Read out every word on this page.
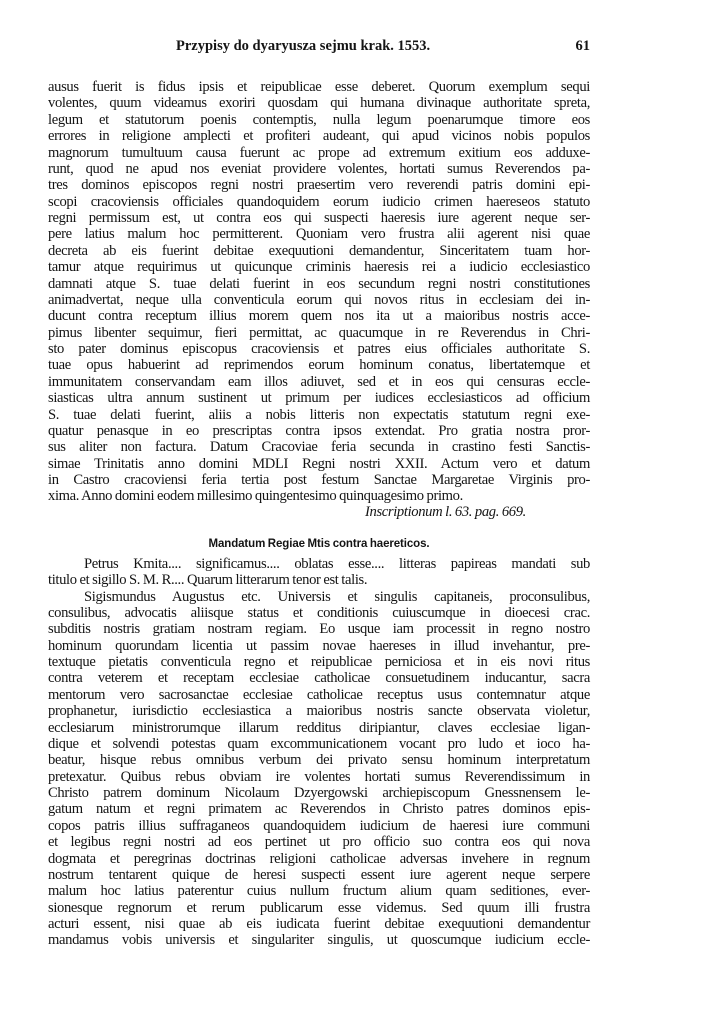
Przypisy do dyaryusza sejmu krak. 1553.	61
ausus fuerit is fidus ipsis et reipublicae esse deberet. Quorum exemplum sequi
volentes, quum videamus exoriri quosdam qui humana divinaque authoritate spreta,
legum et statutorum poenis contemptis, nulla legum poenarumque timore eos
errores in religione amplecti et profiteri audeant, qui apud vicinos nobis populos
magnorum tumultuum causa fuerunt ac prope ad extremum exitium eos adduxe-
runt, quod ne apud nos eveniat providere volentes, hortati sumus Reverendos pa-
tres dominos episcopos regni nostri praesertim vero reverendi patris domini epi-
scopi cracoviensis officiales quandoquidem eorum iudicio crimen haereseos statuto
regni permissum est, ut contra eos qui suspecti haeresis iure agerent neque ser-
pere latius malum hoc permitterent. Quoniam vero frustra alii agerent nisi quae
decreta ab eis fuerint debitae exequutioni demandentur, Sinceritatem tuam hor-
tamur atque requirimus ut quicunque criminis haeresis rei a iudicio ecclesiastico
damnati atque S. tuae delati fuerint in eos secundum regni nostri constitutiones
animadvertat, neque ulla conventicula eorum qui novos ritus in ecclesiam dei in-
ducunt contra receptum illius morem quem nos ita ut a maioribus nostris acce-
pimus libenter sequimur, fieri permittat, ac quacumque in re Reverendus in Chri-
sto pater dominus episcopus cracoviensis et patres eius officiales authoritate S.
tuae opus habuerint ad reprimendos eorum hominum conatus, libertatemque et
immunitatem conservandam eam illos adiuvet, sed et in eos qui censuras eccle-
siasticas ultra annum sustinent ut primum per iudices ecclesiasticos ad officium
S. tuae delati fuerint, aliis a nobis litteris non expectatis statutum regni exe-
quatur penasque in eo prescriptas contra ipsos extendat. Pro gratia nostra pror-
sus aliter non factura. Datum Cracoviae feria secunda in crastino festi Sanctis-
simae Trinitatis anno domini MDLI Regni nostri XXII. Actum vero et datum
in Castro cracoviensi feria tertia post festum Sanctae Margaretae Virginis pro-
xima. Anno domini eodem millesimo quingentesimo quinquagesimo primo.
Inscriptionum l. 63. pag. 669.
Mandatum Regiae Mtis contra haereticos.
Petrus Kmita.... significamus.... oblatas esse.... litteras papireas mandati sub
titulo et sigillo S. M. R.... Quarum litterarum tenor est talis.
Sigismundus Augustus etc. Universis et singulis capitaneis, proconsulibus,
consulibus, advocatis aliisque status et conditionis cuiuscumque in dioecesi crac.
subditis nostris gratiam nostram regiam. Eo usque iam processit in regno nostro
hominum quorundam licentia ut passim novae haereses in illud invehantur, pre-
textuque pietatis conventicula regno et reipublicae perniciosa et in eis novi ritus
contra veterem et receptam ecclesiae catholicae consuetudinem inducantur, sacra
mentorum vero sacrosanctae ecclesiae catholicae receptus usus contemnatur atque
prophanetur, iurisdictio ecclesiastica a maioribus nostris sancte observata violetur,
ecclesiarum ministrorumque illarum redditus diripiantur, claves ecclesiae ligan-
dique et solvendi potestas quam excommunicationem vocant pro ludo et ioco ha-
beatur, hisque rebus omnibus verbum dei privato sensu hominum interpretatum
pretexatur. Quibus rebus obviam ire volentes hortati sumus Reverendissimum in
Christo patrem dominum Nicolaum Dzyergowski archiepiscopum Gnessnensem le-
gatum natum et regni primatem ac Reverendos in Christo patres dominos epis-
copos patris illius suffraganeos quandoquidem iudicium de haeresi iure communi
et legibus regni nostri ad eos pertinet ut pro officio suo contra eos qui nova
dogmata et peregrinas doctrinas religioni catholicae adversas invehere in regnum
nostrum tentarent quique de heresi suspecti essent iure agerent neque serpere
malum hoc latius paterentur cuius nullum fructum alium quam seditiones, ever-
sionesque regnorum et rerum publicarum esse videmus. Sed quum illi frustra
acturi essent, nisi quae ab eis iudicata fuerint debitae exequutioni demandentur
mandamus vobis universis et singulariter singulis, ut quoscumque iudicium eccle-
